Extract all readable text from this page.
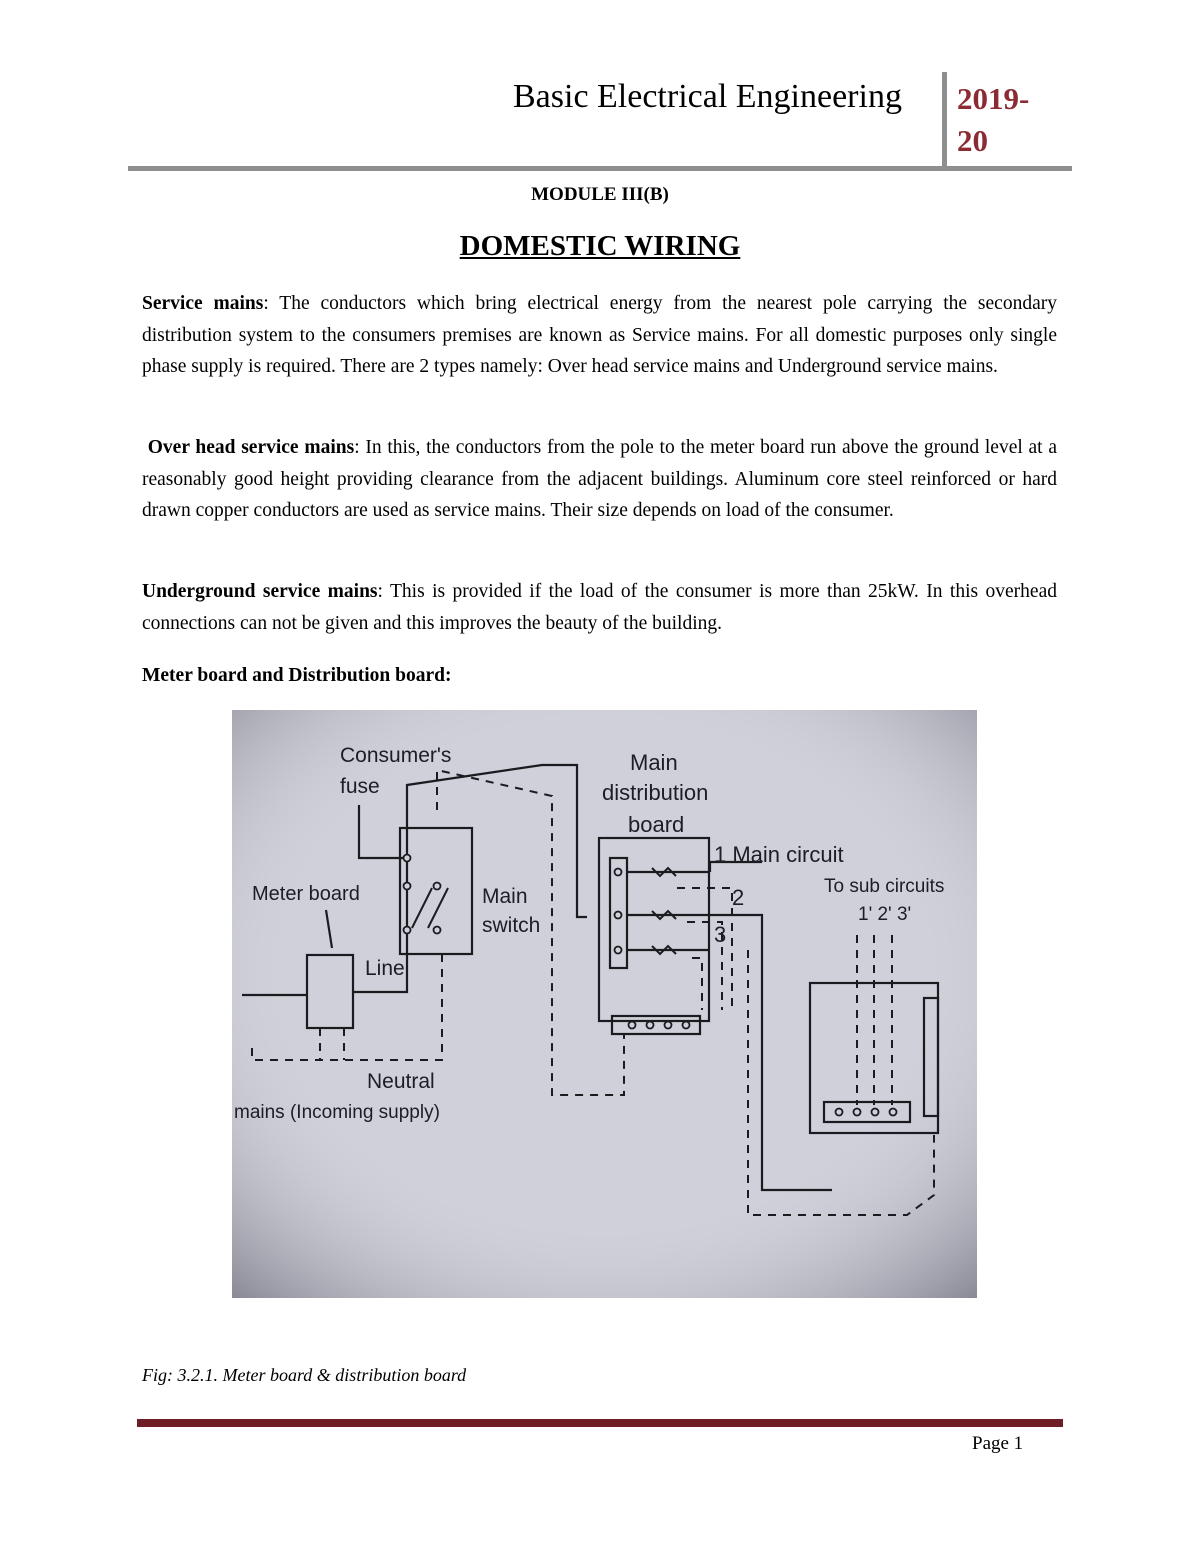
Basic Electrical Engineering 2019-20
MODULE III(B)
DOMESTIC WIRING
Service mains: The conductors which bring electrical energy from the nearest pole carrying the secondary distribution system to the consumers premises are known as Service mains. For all domestic purposes only single phase supply is required. There are 2 types namely: Over head service mains and Underground service mains.
Over head service mains: In this, the conductors from the pole to the meter board run above the ground level at a reasonably good height providing clearance from the adjacent buildings. Aluminum core steel reinforced or hard drawn copper conductors are used as service mains. Their size depends on load of the consumer.
Underground service mains: This is provided if the load of the consumer is more than 25kW. In this overhead connections can not be given and this improves the beauty of the building.
Meter board and Distribution board:
Consumer's
fuse
Meter board	Main
switch
Line
Neutral
mains (Incoming supply)
Main
distribution
board
1 Main circuit
2
3
To sub circuits
1' 2' 3'
Fig: 3.2.1. Meter board & distribution board
Page 1
